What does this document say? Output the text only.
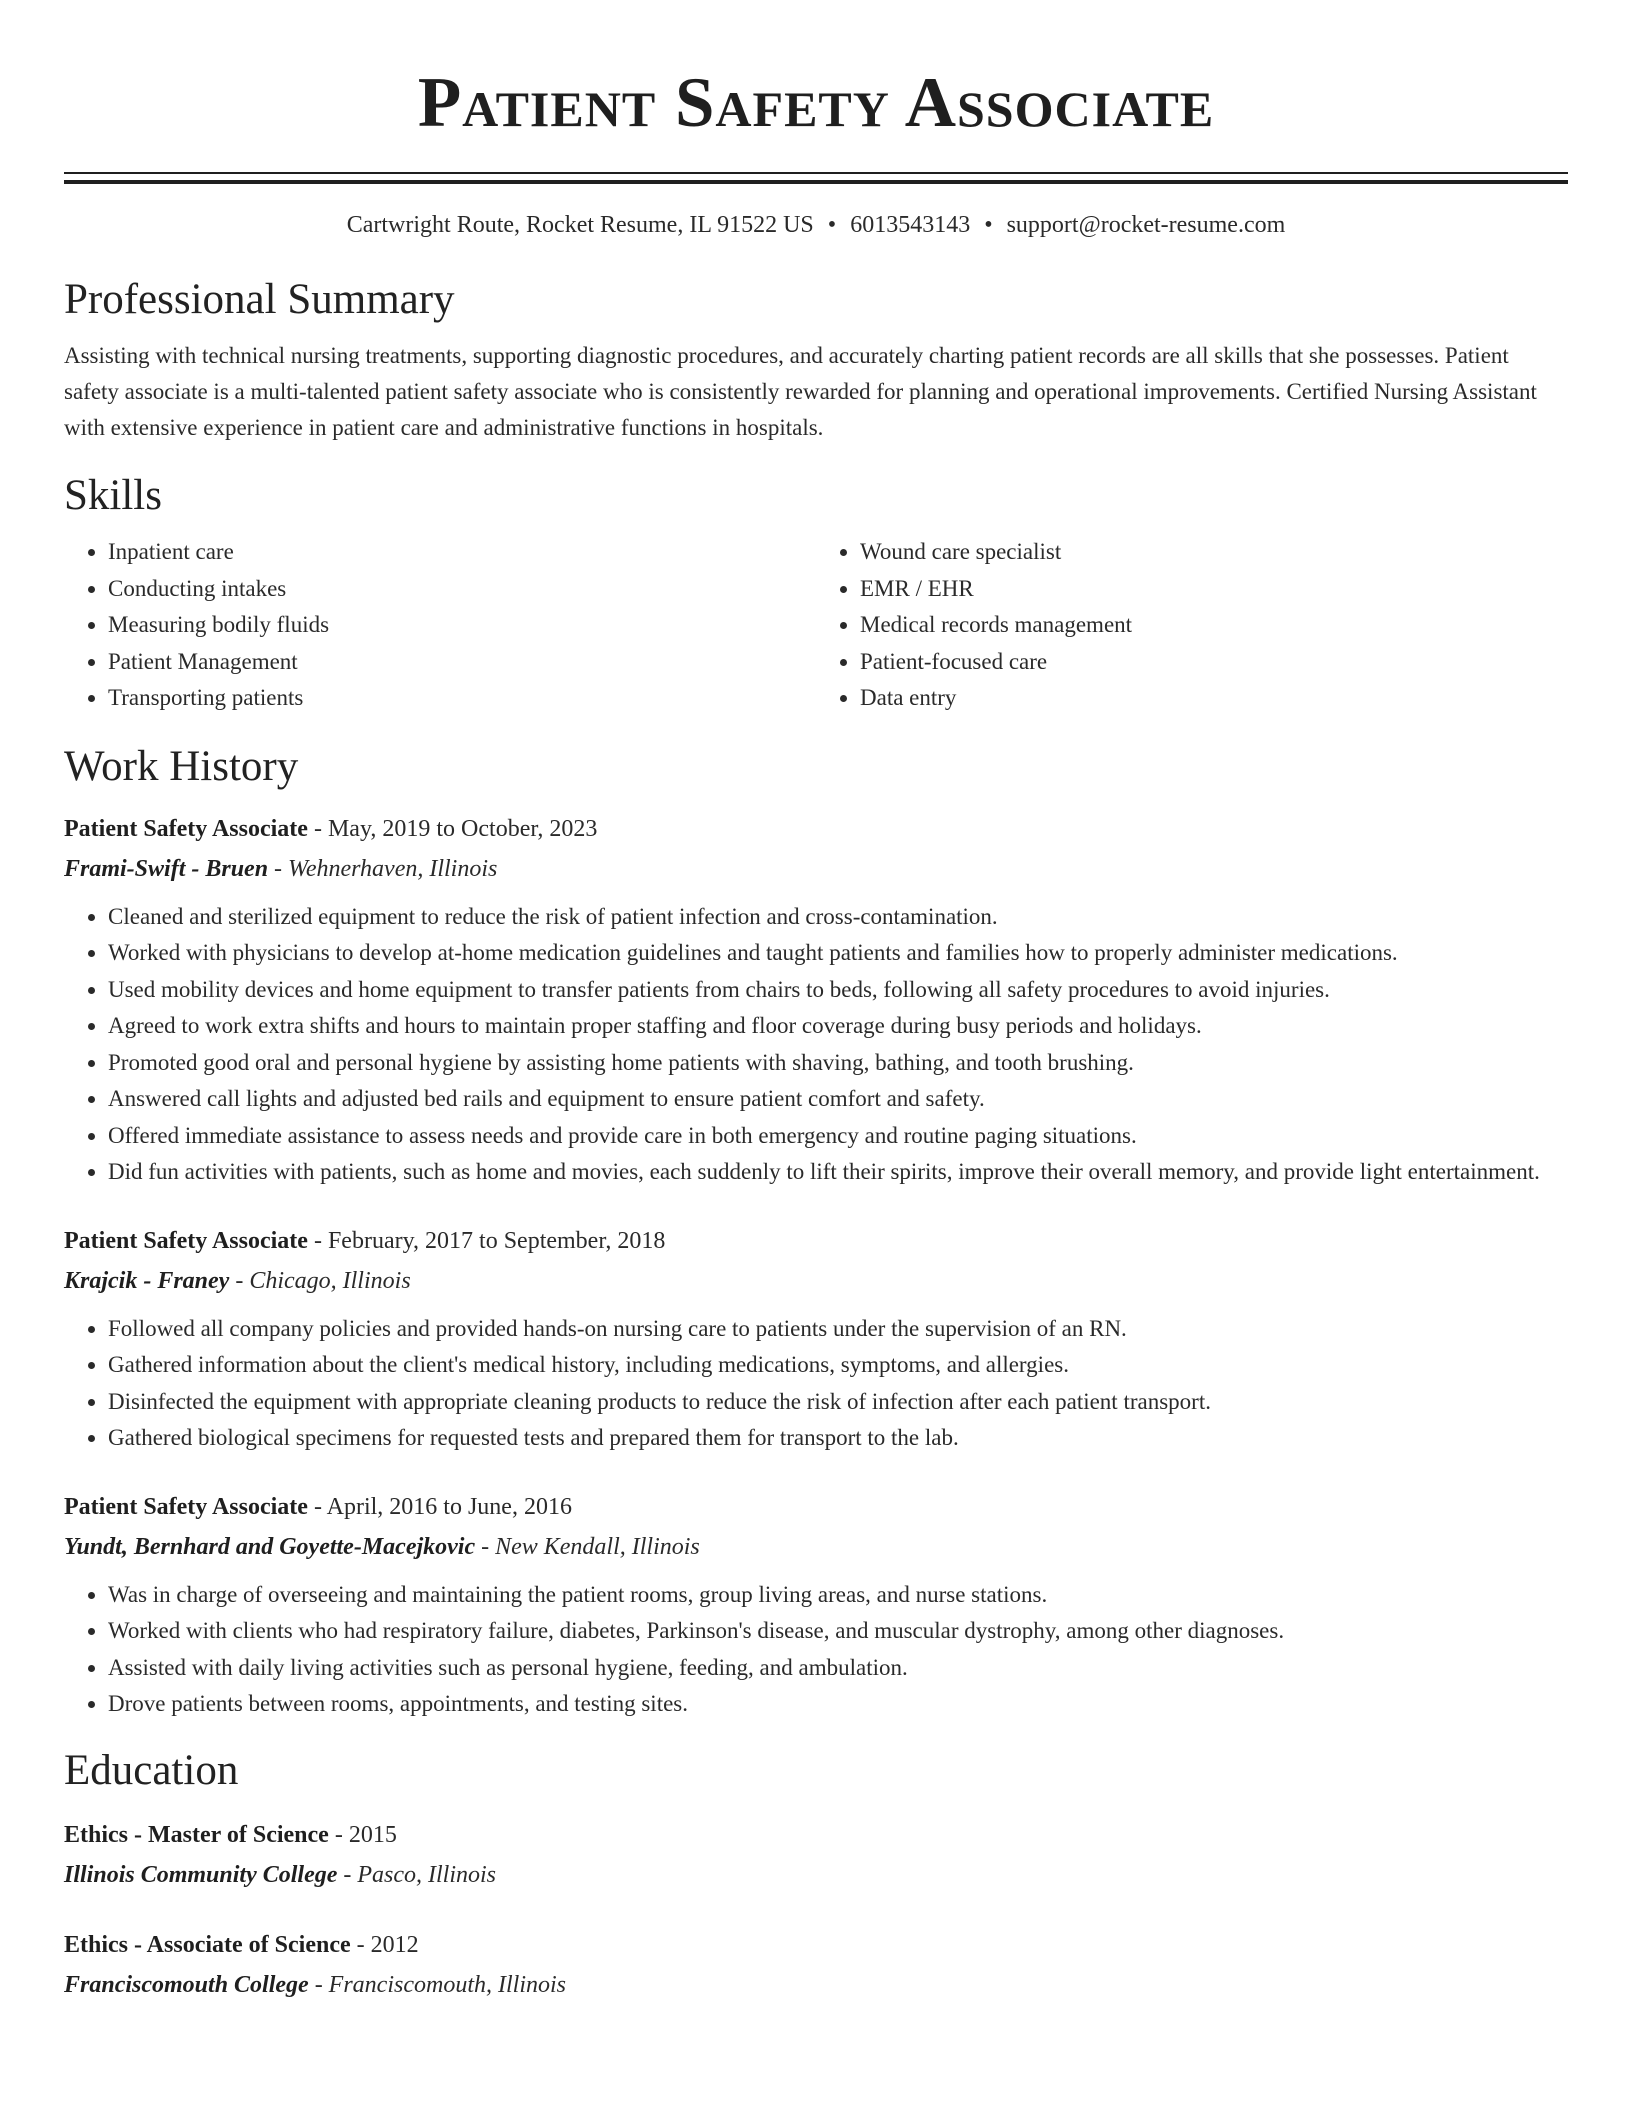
Patient Safety Associate
Cartwright Route, Rocket Resume, IL 91522 US • 6013543143 • support@rocket-resume.com
Professional Summary

Assisting with technical nursing treatments, supporting diagnostic procedures, and accurately charting patient records are all skills that she possesses. Patient safety associate is a multi-talented patient safety associate who is consistently rewarded for planning and operational improvements. Certified Nursing Assistant with extensive experience in patient care and administrative functions in hospitals.

Skills
• Inpatient care
• Conducting intakes
• Measuring bodily fluids
• Patient Management
• Transporting patients
• Wound care specialist
• EMR / EHR
• Medical records management
• Patient-focused care
• Data entry
Work History
Patient Safety Associate - May, 2019 to October, 2023
Frami-Swift - Bruen - Wehnerhaven, Illinois
• Cleaned and sterilized equipment to reduce the risk of patient infection and cross-contamination.
• Worked with physicians to develop at-home medication guidelines and taught patients and families how to properly administer medications.
• Used mobility devices and home equipment to transfer patients from chairs to beds, following all safety procedures to avoid injuries.
• Agreed to work extra shifts and hours to maintain proper staffing and floor coverage during busy periods and holidays.
• Promoted good oral and personal hygiene by assisting home patients with shaving, bathing, and tooth brushing.
• Answered call lights and adjusted bed rails and equipment to ensure patient comfort and safety.
• Offered immediate assistance to assess needs and provide care in both emergency and routine paging situations.
• Did fun activities with patients, such as home and movies, each suddenly to lift their spirits, improve their overall memory, and provide light entertainment.
Patient Safety Associate - February, 2017 to September, 2018
Krajcik - Franey - Chicago, Illinois
• Followed all company policies and provided hands-on nursing care to patients under the supervision of an RN.
• Gathered information about the client's medical history, including medications, symptoms, and allergies.
• Disinfected the equipment with appropriate cleaning products to reduce the risk of infection after each patient transport.
• Gathered biological specimens for requested tests and prepared them for transport to the lab.
Patient Safety Associate - April, 2016 to June, 2016
Yundt, Bernhard and Goyette-Macejkovic - New Kendall, Illinois
• Was in charge of overseeing and maintaining the patient rooms, group living areas, and nurse stations.
• Worked with clients who had respiratory failure, diabetes, Parkinson's disease, and muscular dystrophy, among other diagnoses.
• Assisted with daily living activities such as personal hygiene, feeding, and ambulation.
• Drove patients between rooms, appointments, and testing sites.
Education
Ethics - Master of Science - 2015
Illinois Community College - Pasco, Illinois
Ethics - Associate of Science - 2012
Franciscomouth College - Franciscomouth, Illinois
